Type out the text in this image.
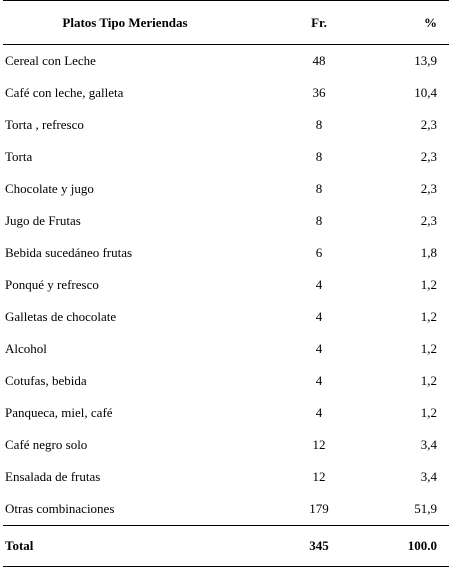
Platos Tipo Meriendas	Fr.	%
Cereal con Leche	48	13,9
Café con leche, galleta	36	10,4
Torta , refresco	8	2,3
Torta	8	2,3
Chocolate y jugo	8	2,3
Jugo de Frutas	8	2,3
Bebida sucedáneo frutas	6	1,8
Ponqué y refresco	4	1,2
Galletas de chocolate	4	1,2
Alcohol	4	1,2
Cotufas, bebida	4	1,2
Panqueca, miel, café	4	1,2
Café negro solo	12	3,4
Ensalada de frutas	12	3,4
Otras combinaciones	179	51,9
Total	345	100.0
